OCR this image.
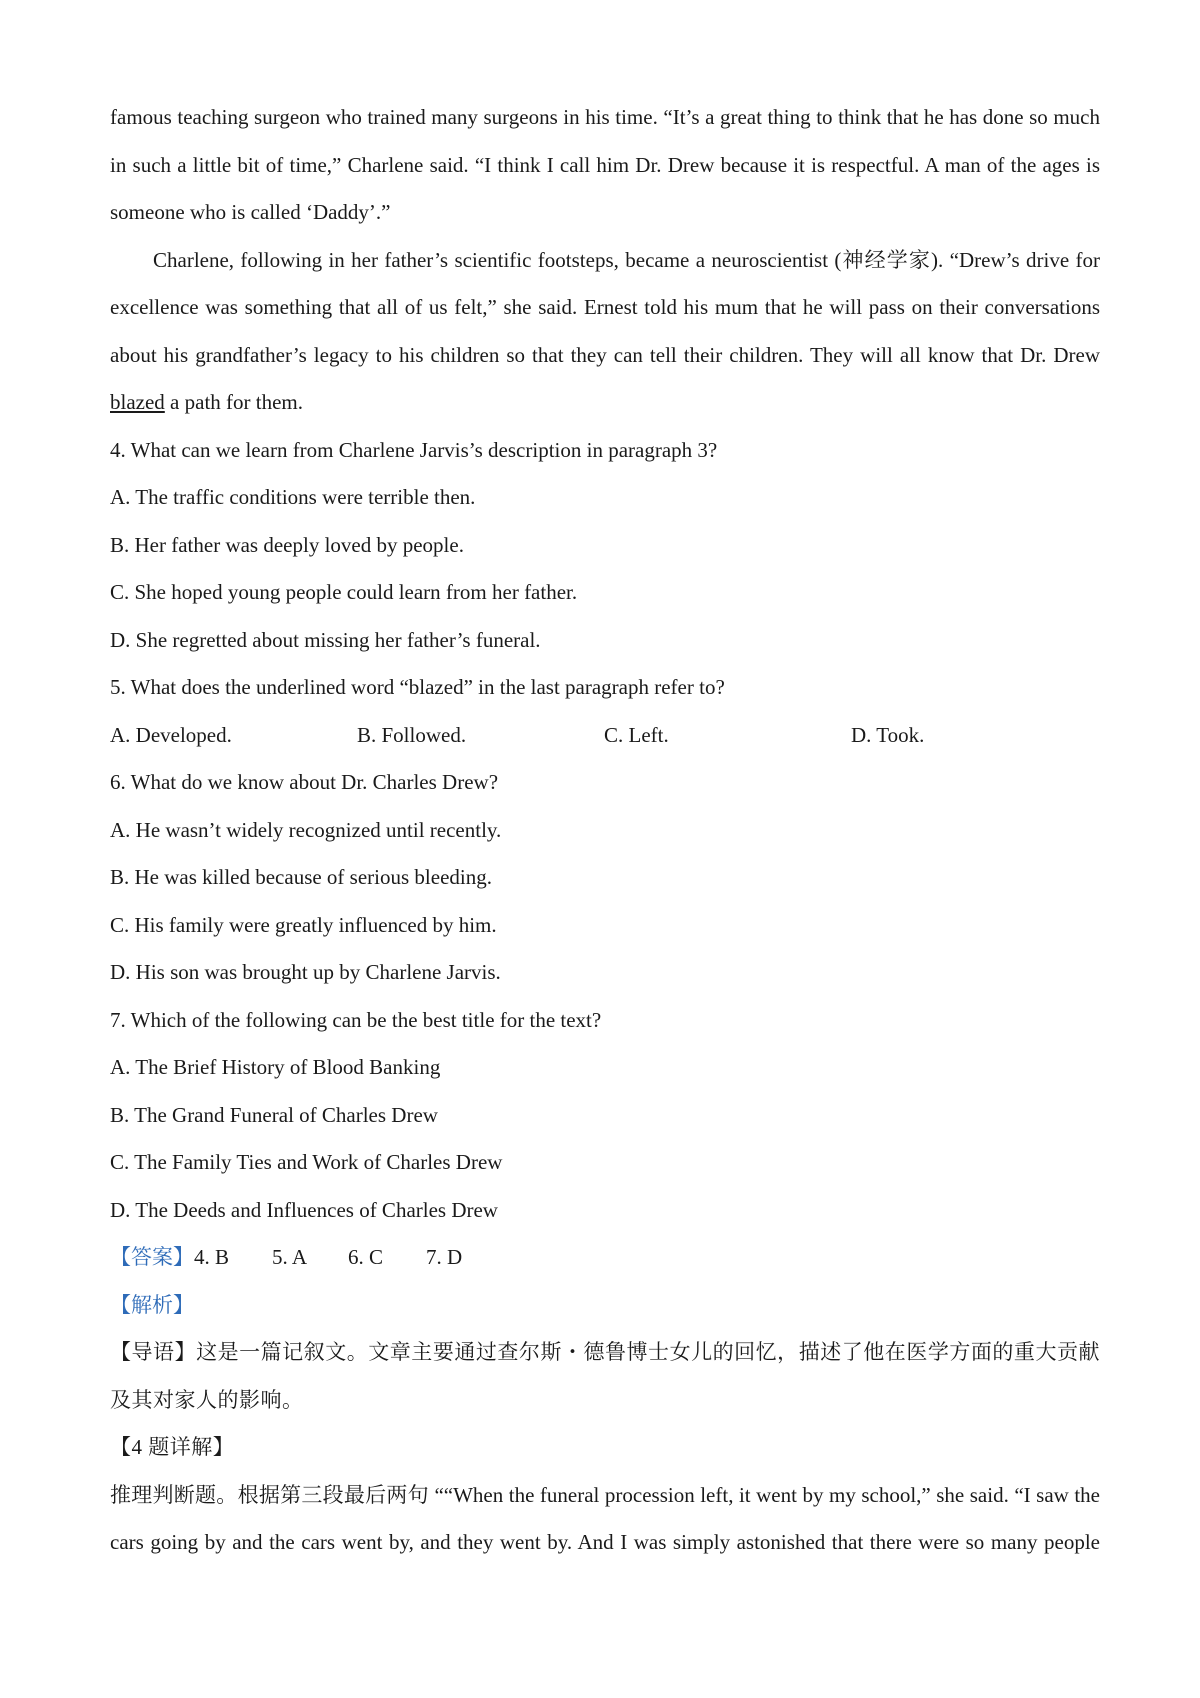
famous teaching surgeon who trained many surgeons in his time. “It’s a great thing to think that he has done so much
in such a little bit of time,” Charlene said. “I think I call him Dr. Drew because it is respectful. A man of the ages is
someone who is called ‘Daddy’.”
Charlene, following in her father’s scientific footsteps, became a neuroscientist (神经学家). “Drew’s drive for
excellence was something that all of us felt,” she said. Ernest told his mum that he will pass on their conversations
about his grandfather’s legacy to his children so that they can tell their children. They will all know that Dr. Drew
blazed a path for them.
4. What can we learn from Charlene Jarvis’s description in paragraph 3?
A. The traffic conditions were terrible then.
B. Her father was deeply loved by people.
C. She hoped young people could learn from her father.
D. She regretted about missing her father’s funeral.
5. What does the underlined word “blazed” in the last paragraph refer to?
A. Developed.	B. Followed.	C. Left.	D. Took.
6. What do we know about Dr. Charles Drew?
A. He wasn’t widely recognized until recently.
B. He was killed because of serious bleeding.
C. His family were greatly influenced by him.
D. His son was brought up by Charlene Jarvis.
7. Which of the following can be the best title for the text?
A. The Brief History of Blood Banking
B. The Grand Funeral of Charles Drew
C. The Family Ties and Work of Charles Drew
D. The Deeds and Influences of Charles Drew
【答案】4. B 5. A 6. C 7. D
【解析】
【导语】这是一篇记叙文。文章主要通过查尔斯・德鲁博士女儿的回忆，描述了他在医学方面的重大贡献
及其对家人的影响。
【4 题详解】
推理判断题。根据第三段最后两句 ““When the funeral procession left, it went by my school,” she said. “I saw the
cars going by and the cars went by, and they went by. And I was simply astonished that there were so many people
